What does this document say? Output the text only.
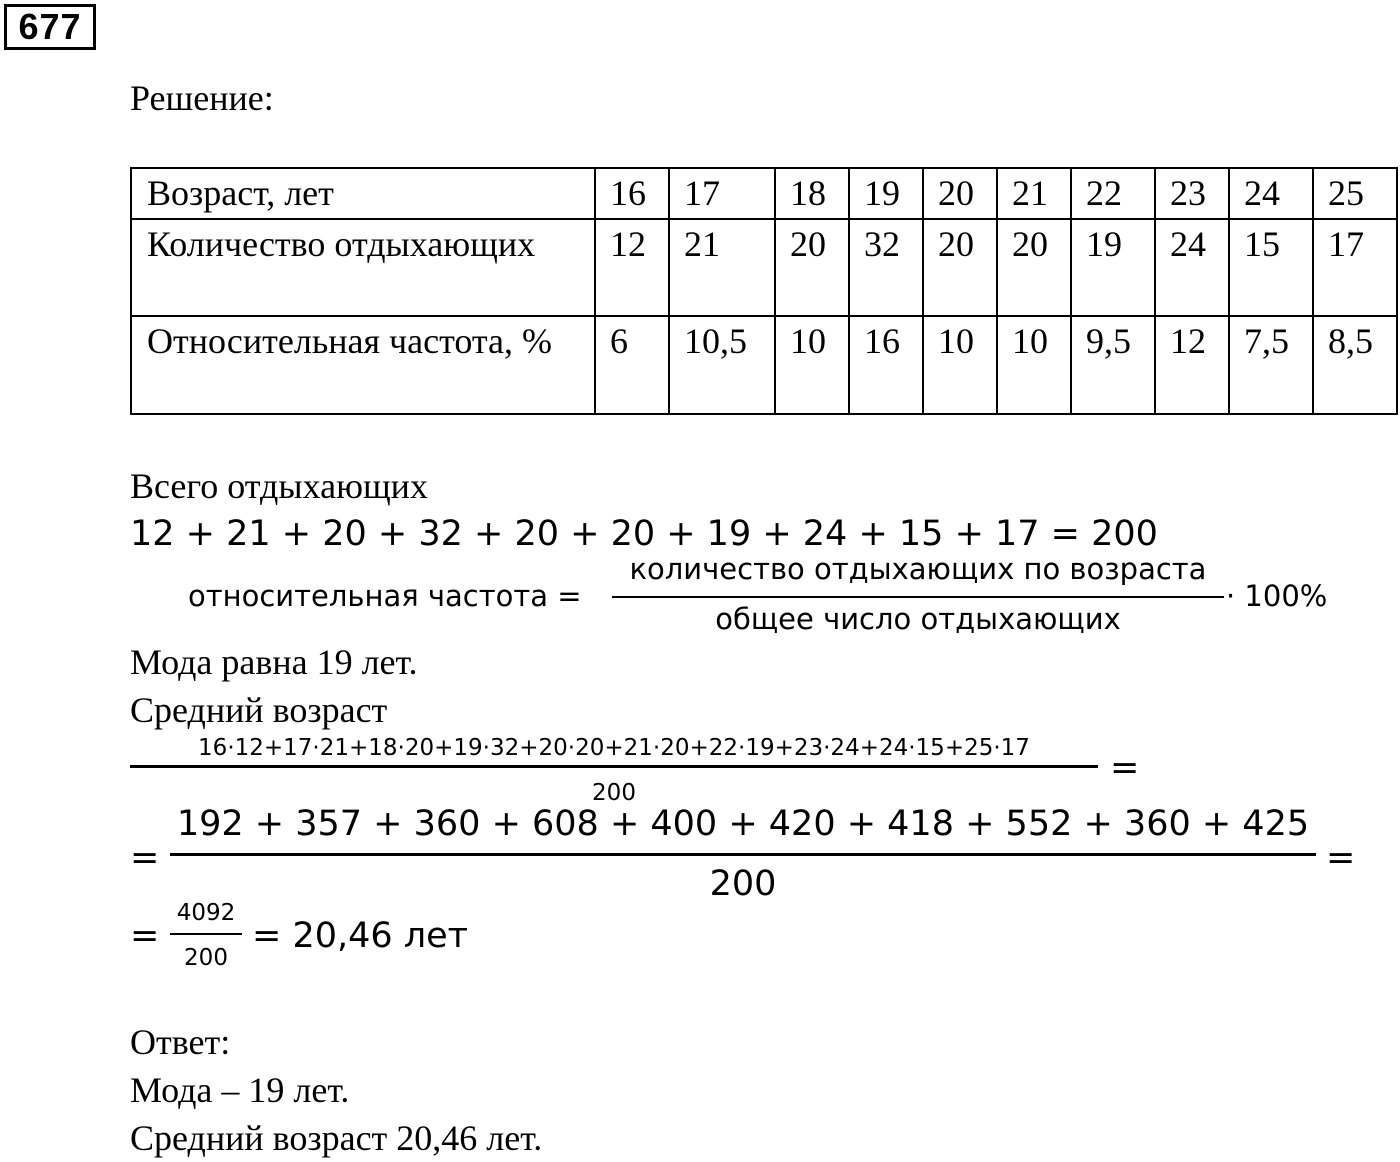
677
Решение:
Возраст, лет	16	17	18	19	20	21	22	23	24	25
Количество отдыхающих	12	21	20	32	20	20	19	24	15	17
Относительная частота, %	6	10,5	10	16	10	10	9,5	12	7,5	8,5
Всего отдыхающих
12 + 21 + 20 + 32 + 20 + 20 + 19 + 24 + 15 + 17 = 200
относительная частота =
количество отдыхающих по возраста
общее число отдыхающих
· 100%
Мода равна 19 лет.
Средний возраст
16·12+17·21+18·20+19·32+20·20+21·20+22·19+23·24+24·15+25·17
200
=
=
192 + 357 + 360 + 608 + 400 + 420 + 418 + 552 + 360 + 425
200
=
=
4092
200
= 20,46 лет
Ответ:
Мода – 19 лет.
Средний возраст 20,46 лет.
